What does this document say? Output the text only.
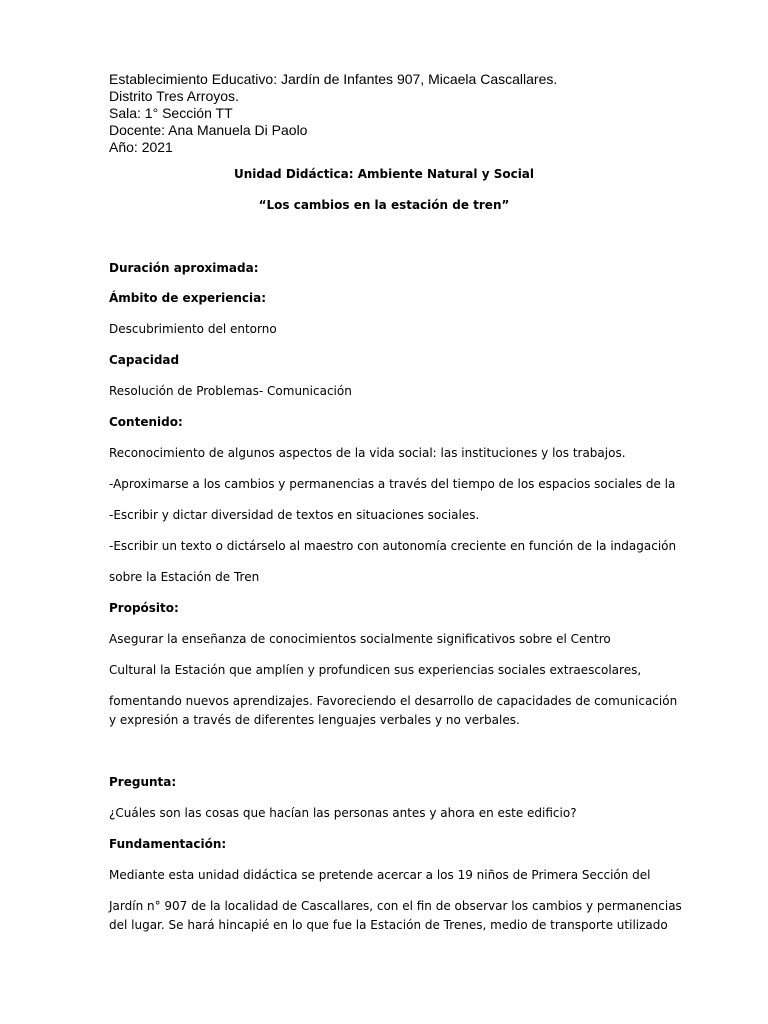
Establecimiento Educativo: Jardín de Infantes 907, Micaela Cascallares.
Distrito Tres Arroyos.
Sala: 1° Sección TT
Docente: Ana Manuela Di Paolo
Año: 2021
Unidad Didáctica: Ambiente Natural y Social
“Los cambios en la estación de tren”
Duración aproximada:
Ámbito de experiencia:
Descubrimiento del entorno
Capacidad
Resolución de Problemas- Comunicación
Contenido:
Reconocimiento de algunos aspectos de la vida social: las instituciones y los trabajos.
-Aproximarse a los cambios y permanencias a través del tiempo de los espacios sociales de la
-Escribir y dictar diversidad de textos en situaciones sociales.
-Escribir un texto o dictárselo al maestro con autonomía creciente en función de la indagación
sobre la Estación de Tren
Propósito:
Asegurar la enseñanza de conocimientos socialmente significativos sobre el Centro
Cultural la Estación que amplíen y profundicen sus experiencias sociales extraescolares,
fomentando nuevos aprendizajes. Favoreciendo el desarrollo de capacidades de comunicación
y expresión a través de diferentes lenguajes verbales y no verbales.
Pregunta:
¿Cuáles son las cosas que hacían las personas antes y ahora en este edificio?
Fundamentación:
Mediante esta unidad didáctica se pretende acercar a los 19 niños de Primera Sección del
Jardín n° 907 de la localidad de Cascallares, con el fin de observar los cambios y permanencias
del lugar. Se hará hincapié en lo que fue la Estación de Trenes, medio de transporte utilizado
